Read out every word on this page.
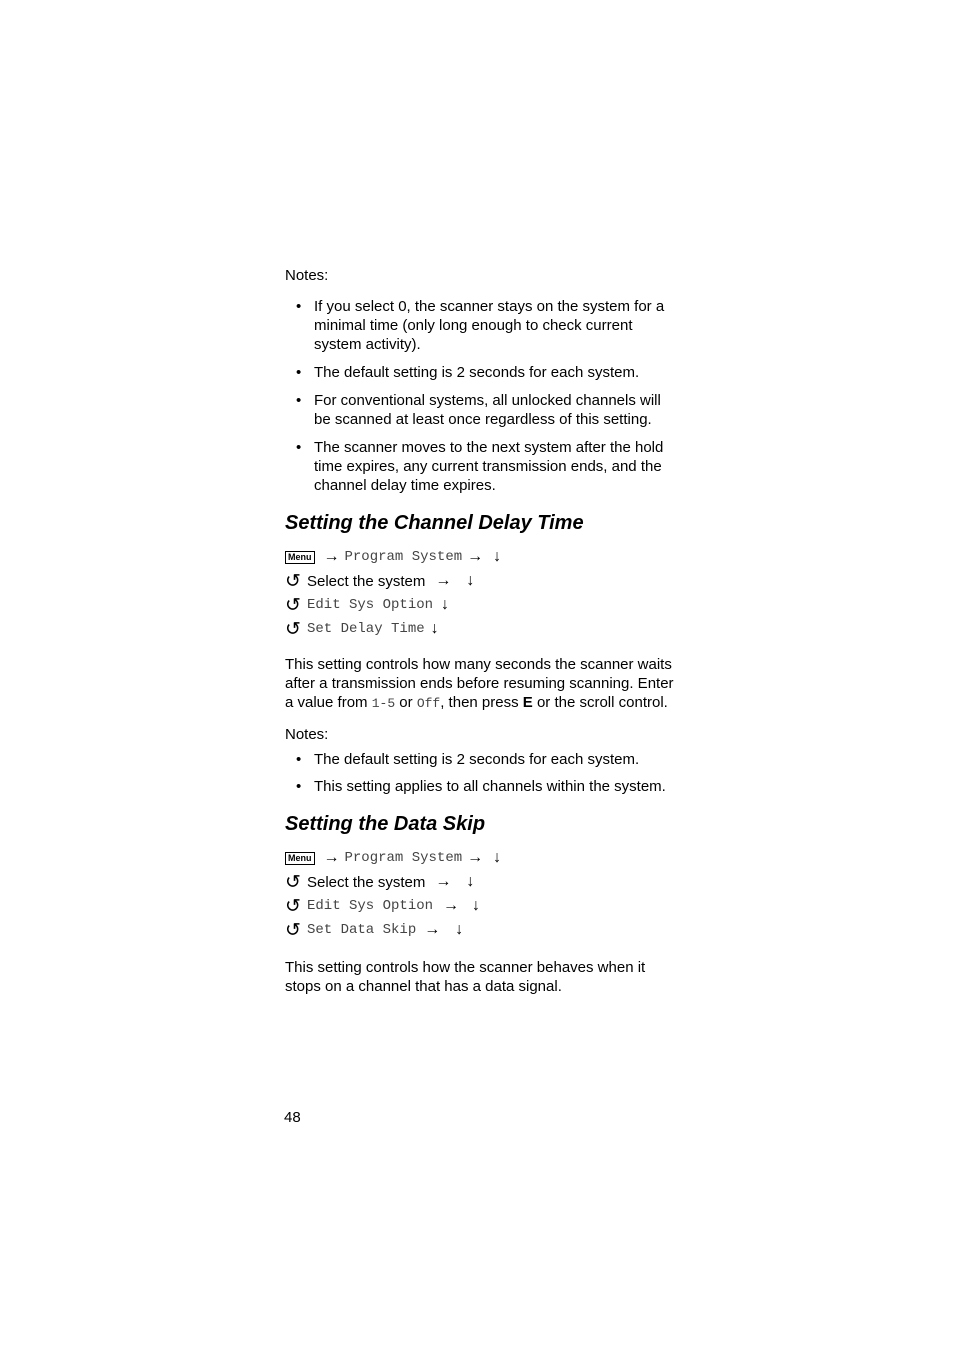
Notes:
• If you select 0, the scanner stays on the system for a minimal time (only long enough to check current system activity).
• The default setting is 2 seconds for each system.
• For conventional systems, all unlocked channels will be scanned at least once regardless of this setting.
• The scanner moves to the next system after the hold time expires, any current transmission ends, and the channel delay time expires.
Setting the Channel Delay Time
Menu → Program System → ↓
↺ Select the system → ↓
↺ Edit Sys Option ↓
↺ Set Delay Time ↓

This setting controls how many seconds the scanner waits after a transmission ends before resuming scanning. Enter a value from 1-5 or Off, then press E or the scroll control.

Notes:
• The default setting is 2 seconds for each system.
• This setting applies to all channels within the system.
Setting the Data Skip
Menu → Program System → ↓
↺ Select the system → ↓
↺ Edit Sys Option → ↓
↺ Set Data Skip → ↓

This setting controls how the scanner behaves when it stops on a channel that has a data signal.

48
